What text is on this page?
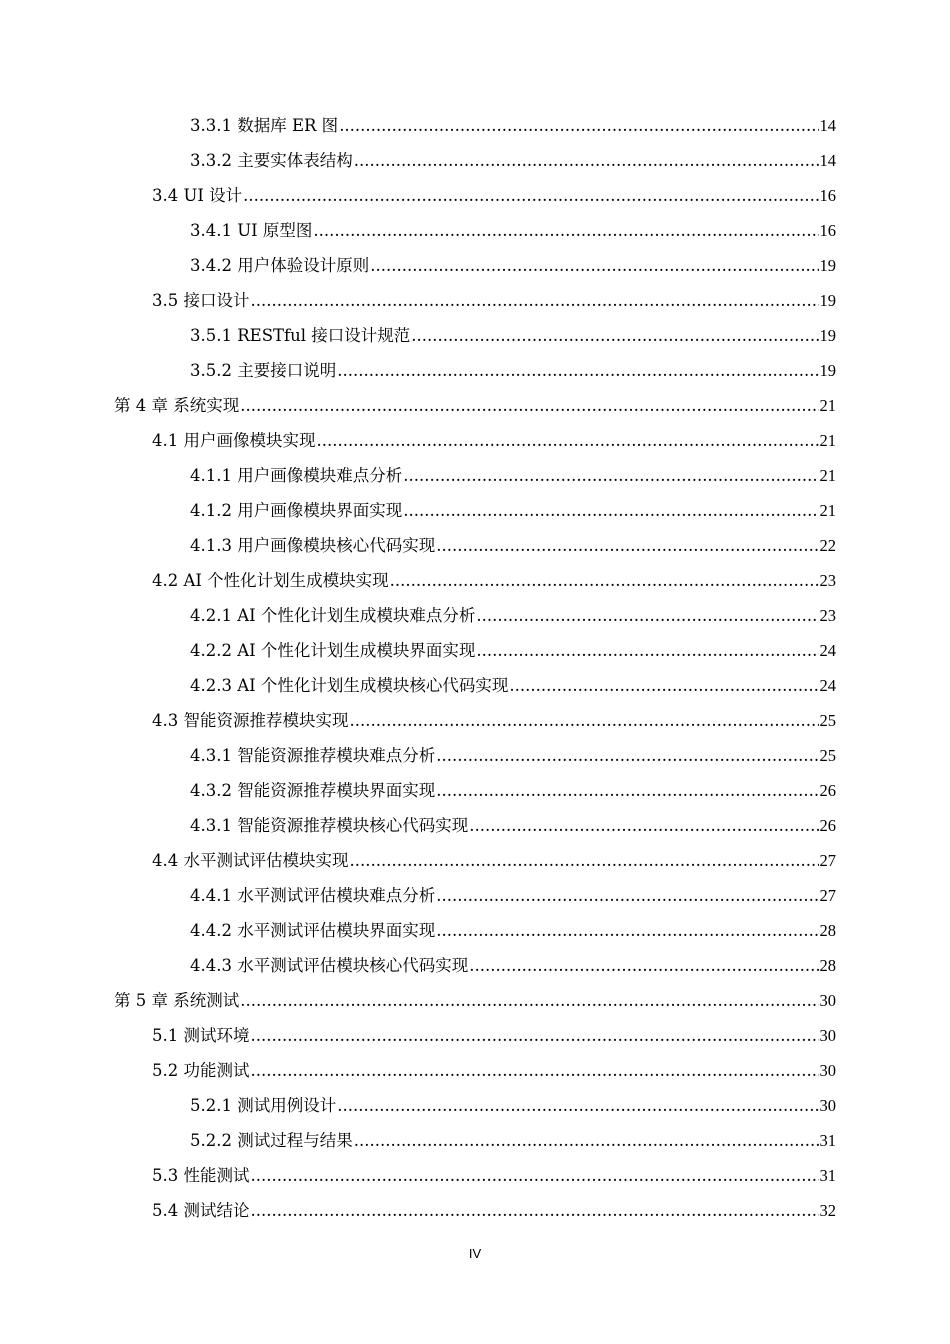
3.3.1 数据库 ER 图 .....	14
3.3.2 主要实体表结构 .....	14
3.4 UI 设计 .....	16
3.4.1 UI 原型图 .....	16
3.4.2 用户体验设计原则 .....	19
3.5 接口设计 .....	19
3.5.1 RESTful 接口设计规范 .....	19
3.5.2 主要接口说明 .....	19
第 4 章 系统实现 .....	21
4.1 用户画像模块实现 .....	21
4.1.1 用户画像模块难点分析 .....	21
4.1.2 用户画像模块界面实现 .....	21
4.1.3 用户画像模块核心代码实现 .....	22
4.2 AI 个性化计划生成模块实现 .....	23
4.2.1 AI 个性化计划生成模块难点分析 .....	23
4.2.2 AI 个性化计划生成模块界面实现 .....	24
4.2.3 AI 个性化计划生成模块核心代码实现 .....	24
4.3 智能资源推荐模块实现 .....	25
4.3.1 智能资源推荐模块难点分析 .....	25
4.3.2 智能资源推荐模块界面实现 .....	26
4.3.1 智能资源推荐模块核心代码实现 .....	26
4.4 水平测试评估模块实现 .....	27
4.4.1 水平测试评估模块难点分析 .....	27
4.4.2 水平测试评估模块界面实现 .....	28
4.4.3 水平测试评估模块核心代码实现 .....	28
第 5 章 系统测试 .....	30
5.1 测试环境 .....	30
5.2 功能测试 .....	30
5.2.1 测试用例设计 .....	30
5.2.2 测试过程与结果 .....	31
5.3 性能测试 .....	31
5.4 测试结论 .....	32
IV
